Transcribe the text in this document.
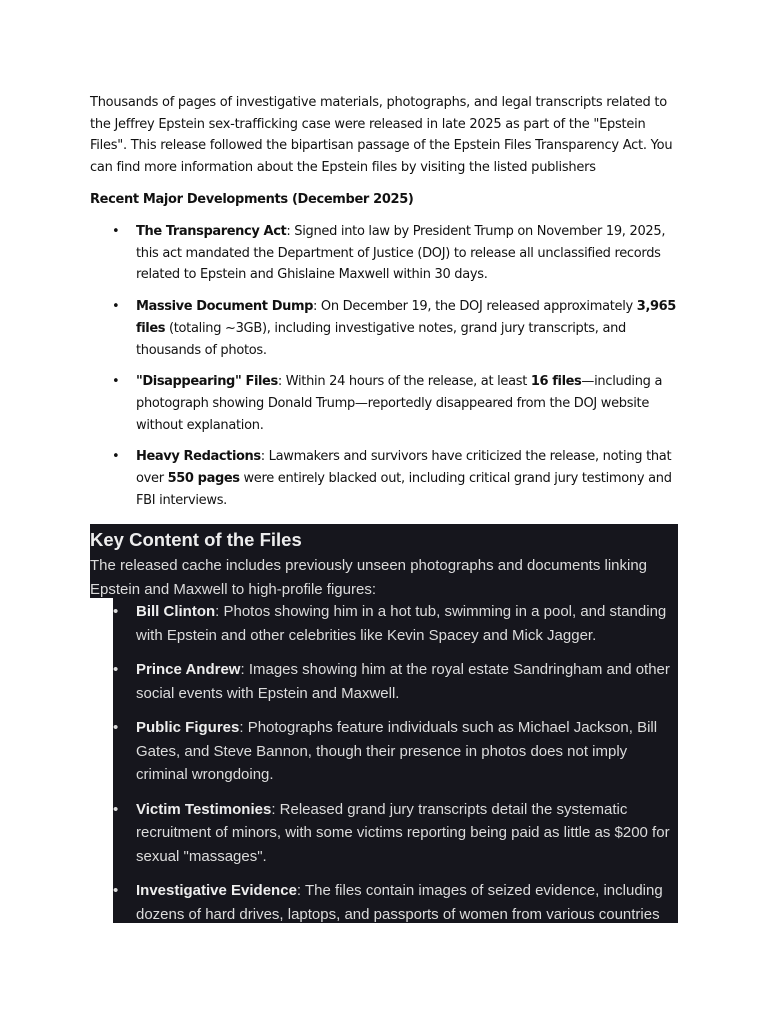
Thousands of pages of investigative materials, photographs, and legal transcripts related to the Jeffrey Epstein sex-trafficking case were released in late 2025 as part of the "Epstein Files". This release followed the bipartisan passage of the Epstein Files Transparency Act. You can find more information about the Epstein files by visiting the listed publishers

Recent Major Developments (December 2025)
• The Transparency Act: Signed into law by President Trump on November 19, 2025, this act mandated the Department of Justice (DOJ) to release all unclassified records related to Epstein and Ghislaine Maxwell within 30 days.
• Massive Document Dump: On December 19, the DOJ released approximately 3,965 files (totaling ~3GB), including investigative notes, grand jury transcripts, and thousands of photos.
• "Disappearing" Files: Within 24 hours of the release, at least 16 files—including a photograph showing Donald Trump—reportedly disappeared from the DOJ website without explanation.
• Heavy Redactions: Lawmakers and survivors have criticized the release, noting that over 550 pages were entirely blacked out, including critical grand jury testimony and FBI interviews.
Key Content of the Files

The released cache includes previously unseen photographs and documents linking Epstein and Maxwell to high-profile figures:

• Bill Clinton: Photos showing him in a hot tub, swimming in a pool, and standing with Epstein and other celebrities like Kevin Spacey and Mick Jagger.
• Prince Andrew: Images showing him at the royal estate Sandringham and other social events with Epstein and Maxwell.
• Public Figures: Photographs feature individuals such as Michael Jackson, Bill Gates, and Steve Bannon, though their presence in photos does not imply criminal wrongdoing.
• Victim Testimonies: Released grand jury transcripts detail the systematic recruitment of minors, with some victims reporting being paid as little as $200 for sexual "massages".
• Investigative Evidence: The files contain images of seized evidence, including dozens of hard drives, laptops, and passports of women from various countries
